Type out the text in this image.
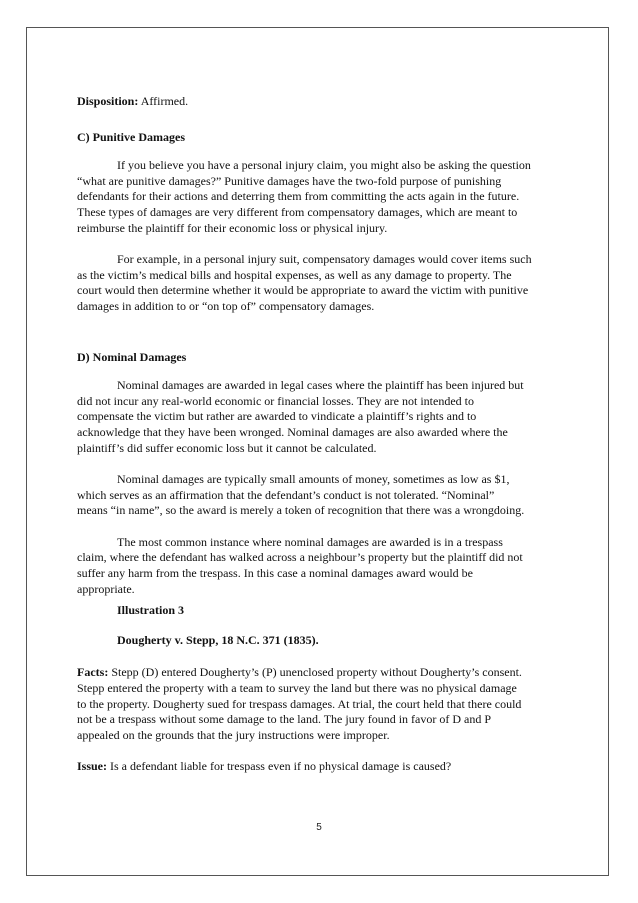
Disposition: Affirmed.
C) Punitive Damages
If you believe you have a personal injury claim, you might also be asking the question
“what are punitive damages?” Punitive damages have the two-fold purpose of punishing
defendants for their actions and deterring them from committing the acts again in the future.
These types of damages are very different from compensatory damages, which are meant to
reimburse the plaintiff for their economic loss or physical injury.
For example, in a personal injury suit, compensatory damages would cover items such
as the victim’s medical bills and hospital expenses, as well as any damage to property. The
court would then determine whether it would be appropriate to award the victim with punitive
damages in addition to or “on top of” compensatory damages.
D) Nominal Damages
Nominal damages are awarded in legal cases where the plaintiff has been injured but
did not incur any real-world economic or financial losses. They are not intended to
compensate the victim but rather are awarded to vindicate a plaintiff’s rights and to
acknowledge that they have been wronged. Nominal damages are also awarded where the
plaintiff’s did suffer economic loss but it cannot be calculated.
Nominal damages are typically small amounts of money, sometimes as low as $1,
which serves as an affirmation that the defendant’s conduct is not tolerated. “Nominal”
means “in name”, so the award is merely a token of recognition that there was a wrongdoing.
The most common instance where nominal damages are awarded is in a trespass
claim, where the defendant has walked across a neighbour’s property but the plaintiff did not
suffer any harm from the trespass. In this case a nominal damages award would be
appropriate.
Illustration 3
Dougherty v. Stepp, 18 N.C. 371 (1835).
Facts: Stepp (D) entered Dougherty’s (P) unenclosed property without Dougherty’s consent.
Stepp entered the property with a team to survey the land but there was no physical damage
to the property. Dougherty sued for trespass damages. At trial, the court held that there could
not be a trespass without some damage to the land. The jury found in favor of D and P
appealed on the grounds that the jury instructions were improper.
Issue: Is a defendant liable for trespass even if no physical damage is caused?
5
